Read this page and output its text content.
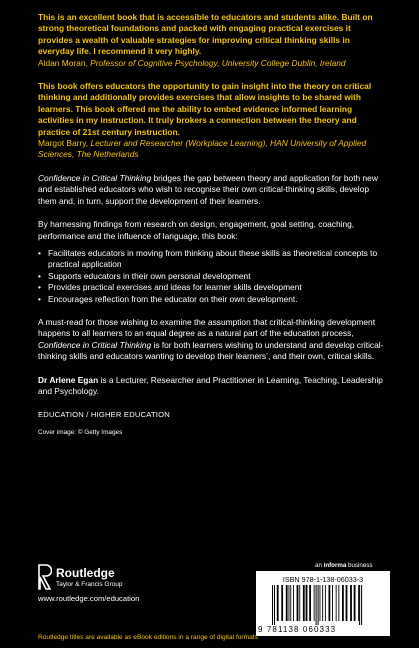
This is an excellent book that is accessible to educators and students alike. Built on strong theoretical foundations and packed with engaging practical exercises it provides a wealth of valuable strategies for improving critical thinking skills in everyday life. I recommend it very highly.
Aidan Moran, Professor of Cognitive Psychology, University College Dublin, Ireland

This book offers educators the opportunity to gain insight into the theory on critical thinking and additionally provides exercises that allow insights to be shared with learners. This book offered me the ability to embed evidence informed learning activities in my instruction. It truly brokers a connection between the theory and practice of 21st century instruction.
Margot Barry, Lecturer and Researcher (Workplace Learning), HAN University of Applied Sciences, The Netherlands

Confidence in Critical Thinking bridges the gap between theory and application for both new and established educators who wish to recognise their own critical-thinking skills, develop them and, in turn, support the development of their learners.

By harnessing findings from research on design, engagement, goal setting, coaching, performance and the influence of language, this book:

• Facilitates educators in moving from thinking about these skills as theoretical concepts to practical application
• Supports educators in their own personal development
• Provides practical exercises and ideas for learner skills development
• Encourages reflection from the educator on their own development.

A must-read for those wishing to examine the assumption that critical-thinking development happens to all learners to an equal degree as a natural part of the education process, Confidence in Critical Thinking is for both learners wishing to understand and develop critical-thinking skills and educators wanting to develop their learners’, and their own, critical skills.

Dr Arlene Egan is a Lecturer, Researcher and Practitioner in Learning, Teaching, Leadership and Psychology.

EDUCATION / HIGHER EDUCATION

Cover image: © Getty Images

Routledge
Taylor & Francis Group
www.routledge.com/education
an informa business
ISBN 978-1-138-06033-3
9 781138 060333
Routledge titles are available as eBook editions in a range of digital formats
